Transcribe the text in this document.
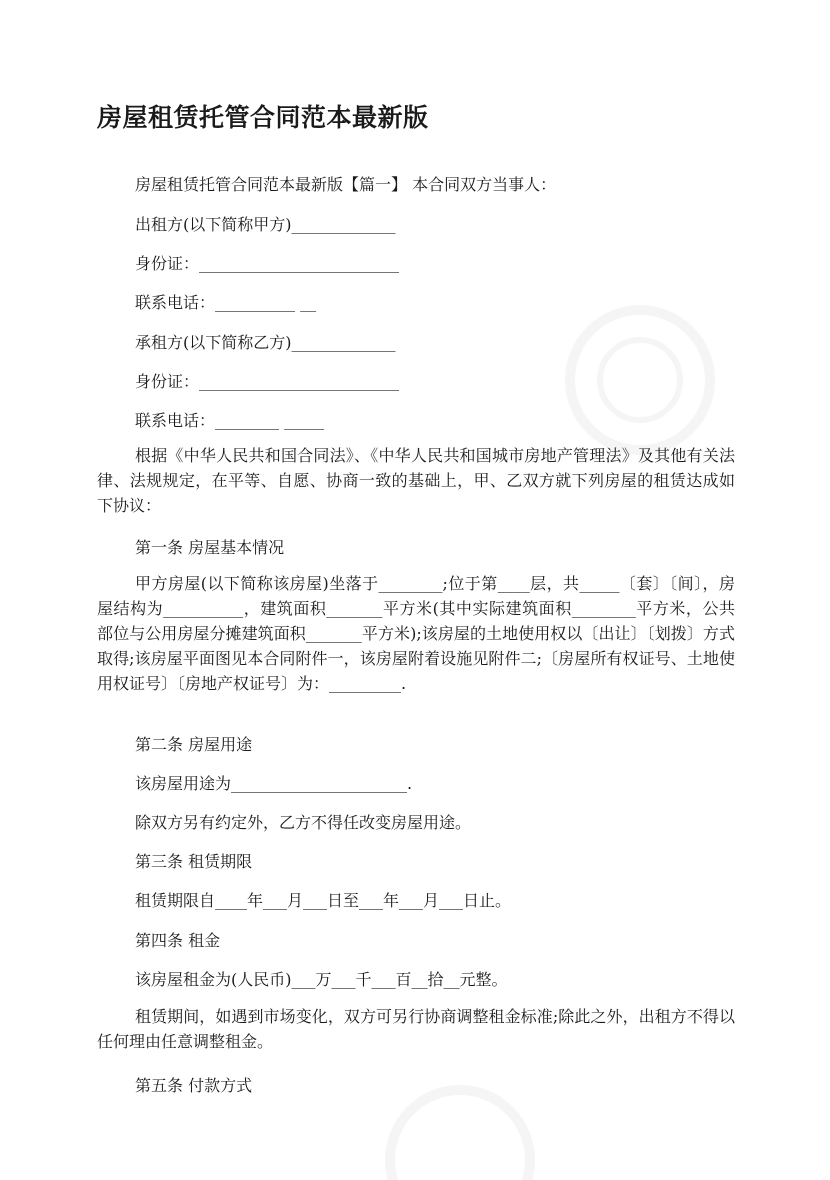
房屋租赁托管合同范本最新版

房屋租赁托管合同范本最新版【篇一】 本合同双方当事人：

出租方(以下简称甲方)_____________

身份证：_________________________

联系电话：__________ __

承租方(以下简称乙方)_____________

身份证：_________________________

联系电话：________ _____

根据《中华人民共和国合同法》、《中华人民共和国城市房地产管理法》及其他有关法律、法规规定，在平等、自愿、协商一致的基础上，甲、乙双方就下列房屋的租赁达成如下协议：

第一条 房屋基本情况

甲方房屋(以下简称该房屋)坐落于________;位于第____层，共_____〔套〕〔间〕，房屋结构为__________，建筑面积_______平方米(其中实际建筑面积________平方米，公共部位与公用房屋分摊建筑面积_______平方米);该房屋的土地使用权以〔出让〕〔划拨〕方式取得;该房屋平面图见本合同附件一，该房屋附着设施见附件二;〔房屋所有权证号、土地使用权证号〕〔房地产权证号〕为：_________.

第二条 房屋用途

该房屋用途为______________________.

除双方另有约定外，乙方不得任改变房屋用途。

第三条 租赁期限

租赁期限自____年___月___日至___年___月___日止。

第四条 租金

该房屋租金为(人民币)___万___千___百__拾__元整。

租赁期间，如遇到市场变化，双方可另行协商调整租金标准;除此之外，出租方不得以任何理由任意调整租金。

第五条 付款方式
